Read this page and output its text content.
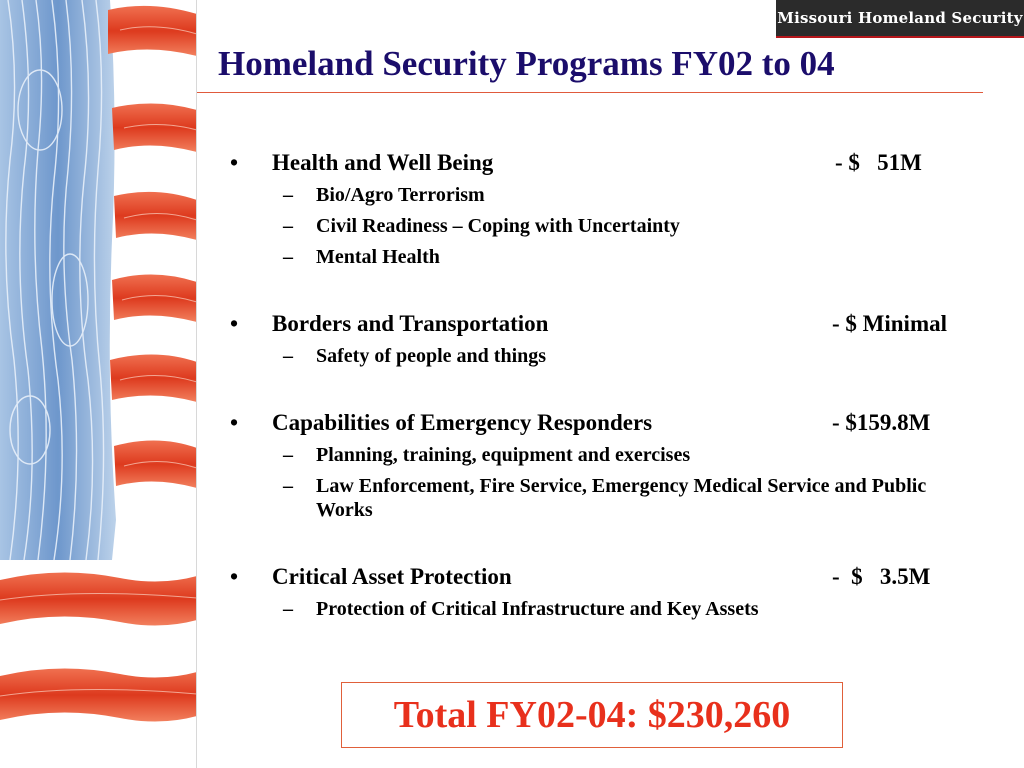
Missouri Homeland Security
Homeland Security Programs FY02 to 04
• Health and Well Being	- $   51M
– Bio/Agro Terrorism
– Civil Readiness – Coping with Uncertainty
– Mental Health
• Borders and Transportation	- $ Minimal
– Safety of people and things
• Capabilities of Emergency Responders	- $159.8M
– Planning, training, equipment and exercises
– Law Enforcement, Fire Service, Emergency Medical Service and Public Works
• Critical Asset Protection	-  $   3.5M
– Protection of Critical Infrastructure and Key Assets
Total FY02-04: $230,260
